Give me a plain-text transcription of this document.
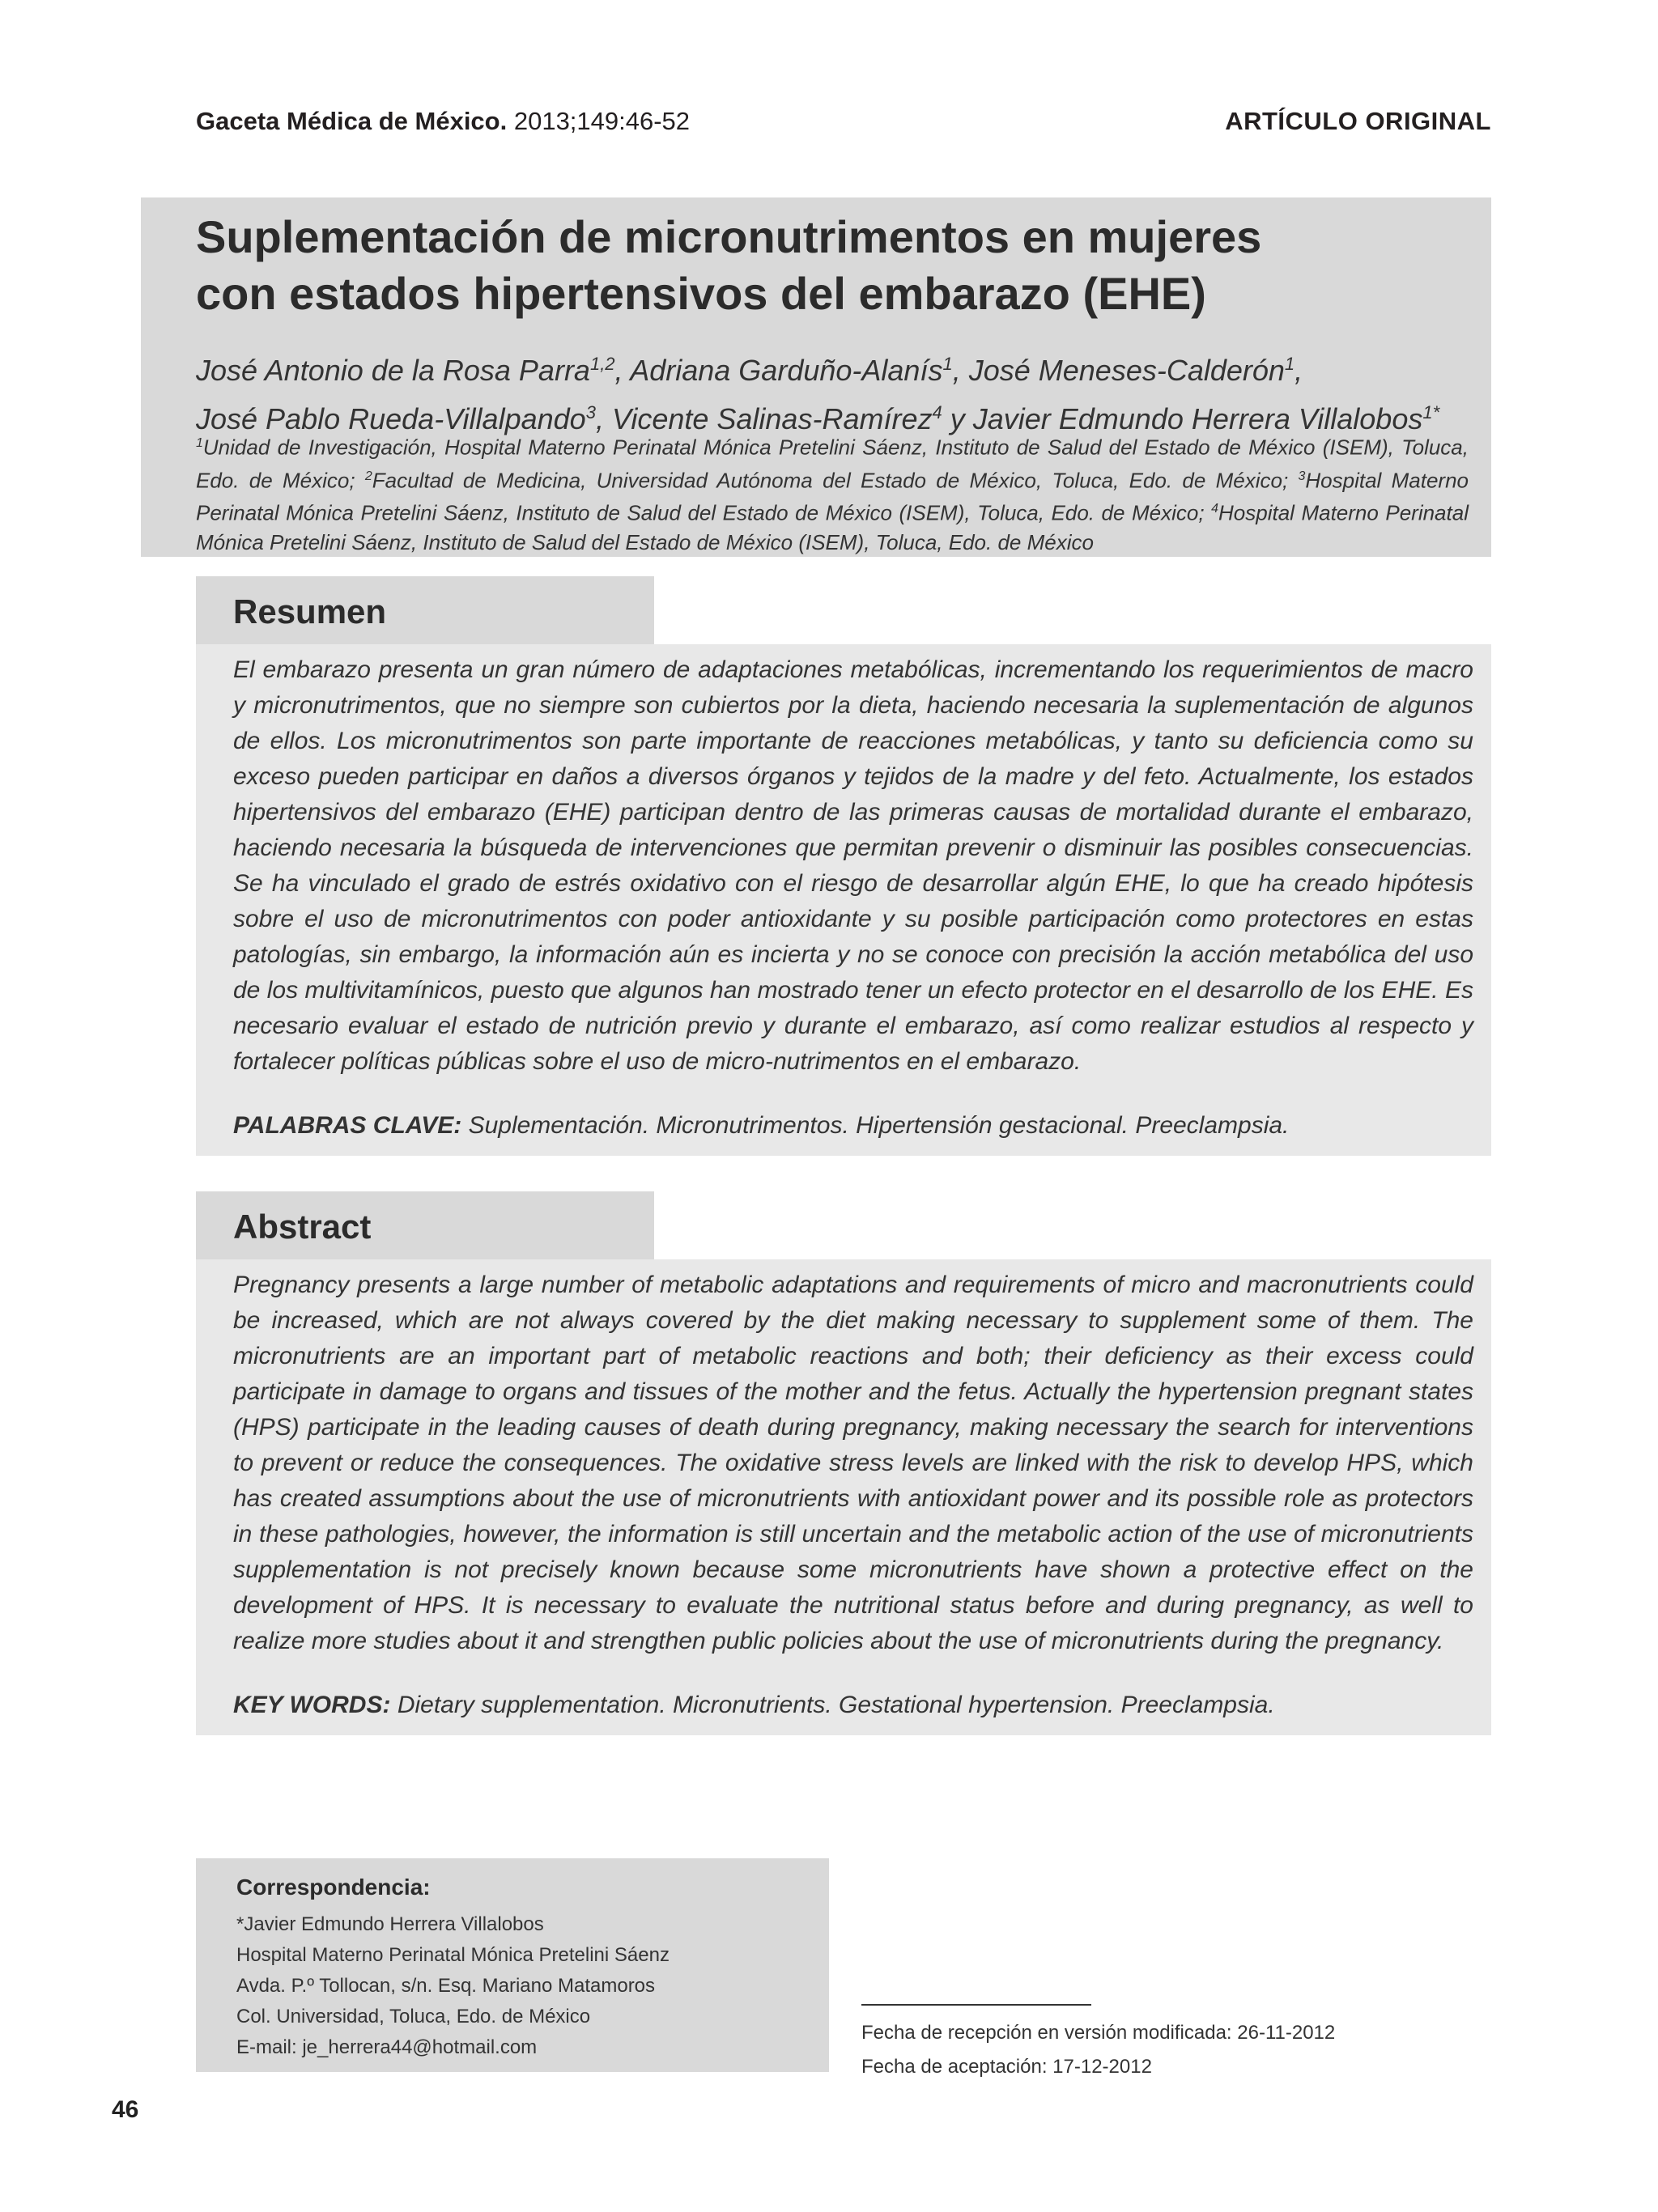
Gaceta Médica de México. 2013;149:46-52	ARTÍCULO ORIGINAL
Suplementación de micronutrimentos en mujeres
con estados hipertensivos del embarazo (EHE)
José Antonio de la Rosa Parra$^{1,2}$, Adriana Garduño-Alanís$^1$, José Meneses-Calderón$^1$,
José Pablo Rueda-Villalpando$^3$, Vicente Salinas-Ramírez$^4$ y Javier Edmundo Herrera Villalobos$^{1*}$
$^1$Unidad de Investigación, Hospital Materno Perinatal Mónica Pretelini Sáenz, Instituto de Salud del Estado de México (ISEM), Toluca, Edo. de México; $^2$Facultad de Medicina, Universidad Autónoma del Estado de México, Toluca, Edo. de México; $^3$Hospital Materno Perinatal Mónica Pretelini Sáenz, Instituto de Salud del Estado de México (ISEM), Toluca, Edo. de México; $^4$Hospital Materno Perinatal Mónica Pretelini Sáenz, Instituto de Salud del Estado de México (ISEM), Toluca, Edo. de México
Resumen
El embarazo presenta un gran número de adaptaciones metabólicas, incrementando los requerimientos de macro y micronutrimentos, que no siempre son cubiertos por la dieta, haciendo necesaria la suplementación de algunos de ellos. Los micronutrimentos son parte importante de reacciones metabólicas, y tanto su deficiencia como su exceso pueden participar en daños a diversos órganos y tejidos de la madre y del feto. Actualmente, los estados hipertensivos del embarazo (EHE) participan dentro de las primeras causas de mortalidad durante el embarazo, haciendo necesaria la búsqueda de intervenciones que permitan prevenir o disminuir las posibles consecuencias. Se ha vinculado el grado de estrés oxidativo con el riesgo de desarrollar algún EHE, lo que ha creado hipótesis sobre el uso de micronutrimentos con poder antioxidante y su posible participación como protectores en estas patologías, sin embargo, la información aún es incierta y no se conoce con precisión la acción metabólica del uso de los multivitamínicos, puesto que algunos han mostrado tener un efecto protector en el desarrollo de los EHE. Es necesario evaluar el estado de nutrición previo y durante el embarazo, así como realizar estudios al respecto y fortalecer políticas públicas sobre el uso de micro-nutrimentos en el embarazo.
PALABRAS CLAVE: Suplementación. Micronutrimentos. Hipertensión gestacional. Preeclampsia.
Abstract
Pregnancy presents a large number of metabolic adaptations and requirements of micro and macronutrients could be increased, which are not always covered by the diet making necessary to supplement some of them. The micronutrients are an important part of metabolic reactions and both; their deficiency as their excess could participate in damage to organs and tissues of the mother and the fetus. Actually the hypertension pregnant states (HPS) participate in the leading causes of death during pregnancy, making necessary the search for interventions to prevent or reduce the consequences. The oxidative stress levels are linked with the risk to develop HPS, which has created assumptions about the use of micronutrients with antioxidant power and its possible role as protectors in these pathologies, however, the information is still uncertain and the metabolic action of the use of micronutrients supplementation is not precisely known because some micronutrients have shown a protective effect on the development of HPS. It is necessary to evaluate the nutritional status before and during pregnancy, as well to realize more studies about it and strengthen public policies about the use of micronutrients during the pregnancy.
KEY WORDS: Dietary supplementation. Micronutrients. Gestational hypertension. Preeclampsia.
Correspondencia:
*Javier Edmundo Herrera Villalobos
Hospital Materno Perinatal Mónica Pretelini Sáenz
Avda. P.º Tollocan, s/n. Esq. Mariano Matamoros
Col. Universidad, Toluca, Edo. de México
E-mail: je_herrera44@hotmail.com
Fecha de recepción en versión modificada: 26-11-2012
Fecha de aceptación: 17-12-2012
46
